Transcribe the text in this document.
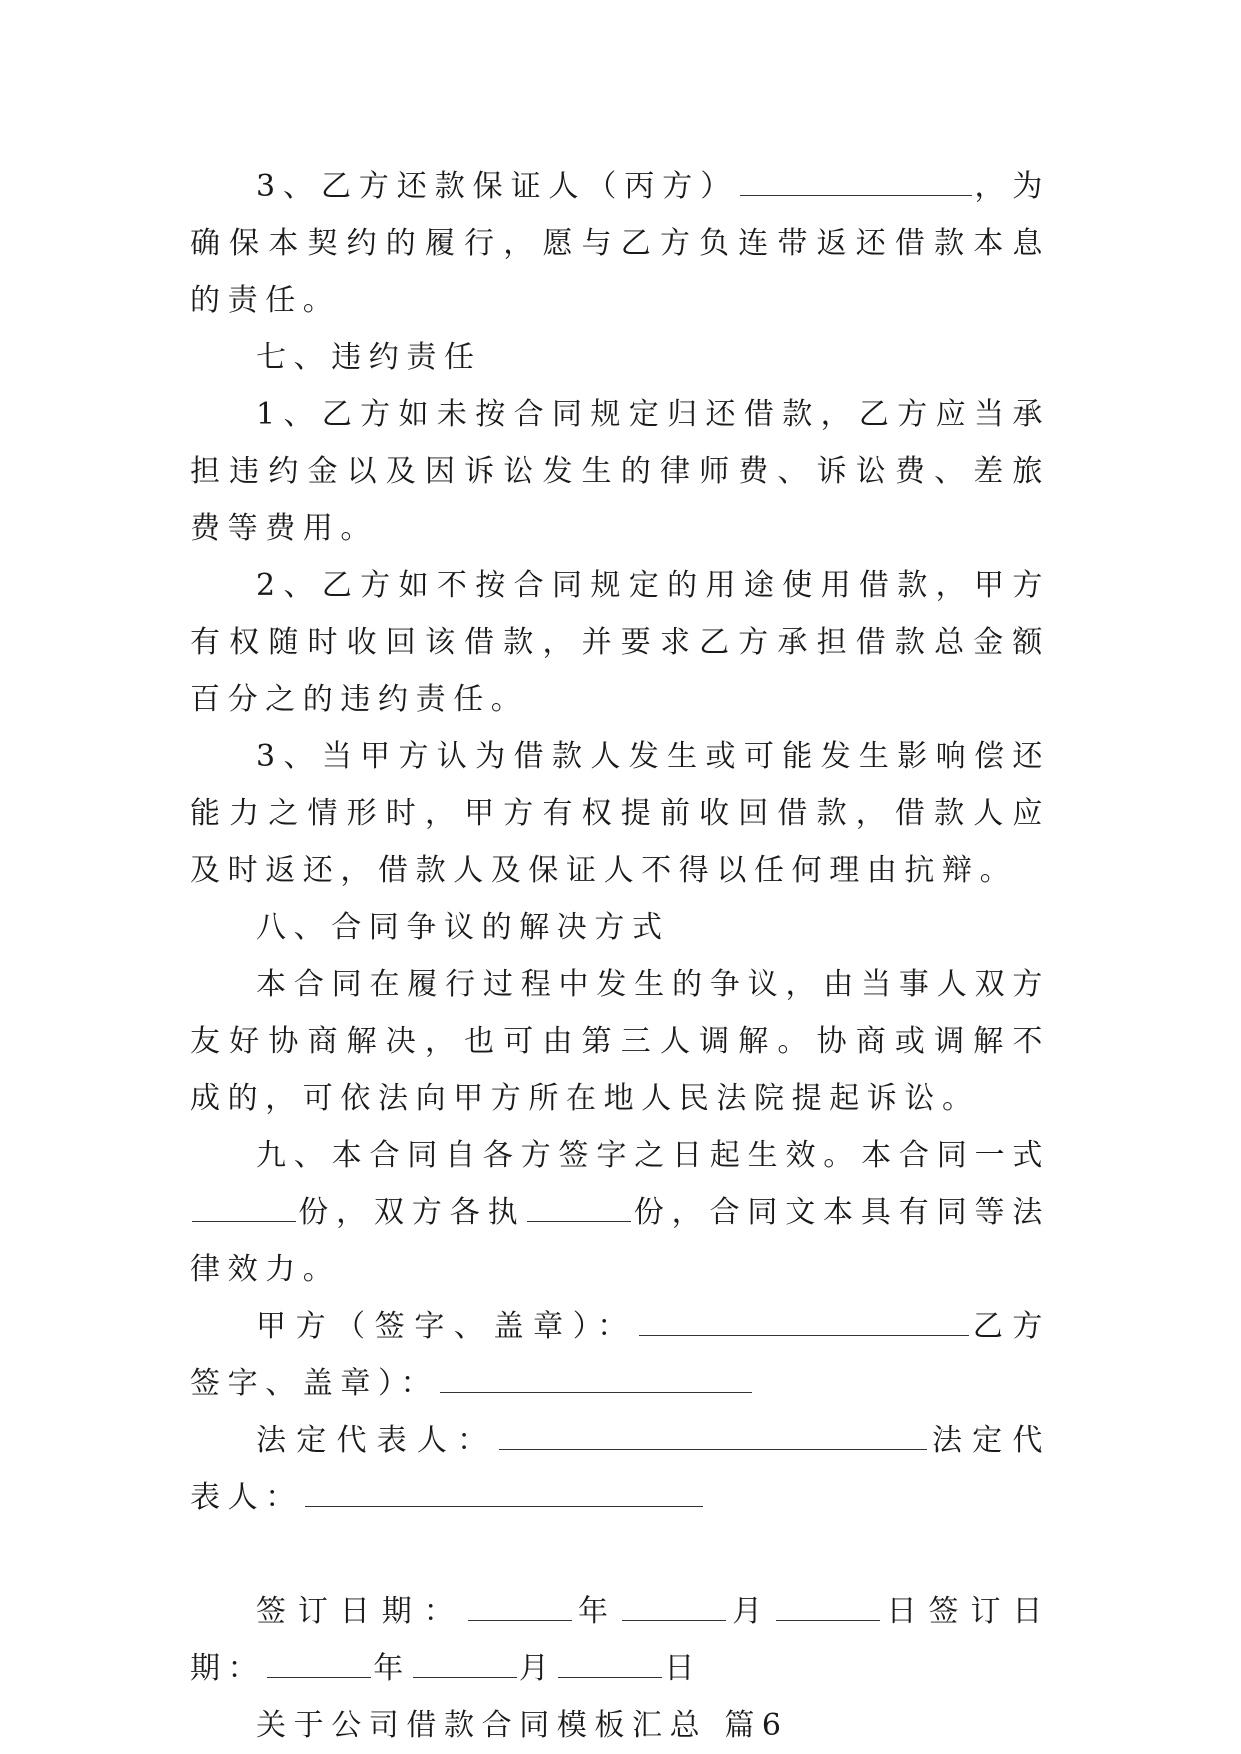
3、乙方还款保证人（丙方）	，为确保本契约的履行，愿与乙方负连带返还借款本息的责任。

七、违约责任

1、乙方如未按合同规定归还借款，乙方应当承担违约金以及因诉讼发生的律师费、诉讼费、差旅费等费用。

2、乙方如不按合同规定的用途使用借款，甲方有权随时收回该借款，并要求乙方承担借款总金额百分之的违约责任。

3、当甲方认为借款人发生或可能发生影响偿还能力之情形时，甲方有权提前收回借款，借款人应及时返还，借款人及保证人不得以任何理由抗辩。

八、合同争议的解决方式

本合同在履行过程中发生的争议，由当事人双方友好协商解决，也可由第三人调解。协商或调解不成的，可依法向甲方所在地人民法院提起诉讼。

九、本合同自各方签字之日起生效。本合同一式份，双方各执	份，合同文本具有同等法律效力。

甲方（签字、盖章）：	乙方签字、盖章）：

法定代表人：	法定代表人：

签订日期：	年	月	日签订日期：	年	月	日

关于公司借款合同模板汇总 篇6
